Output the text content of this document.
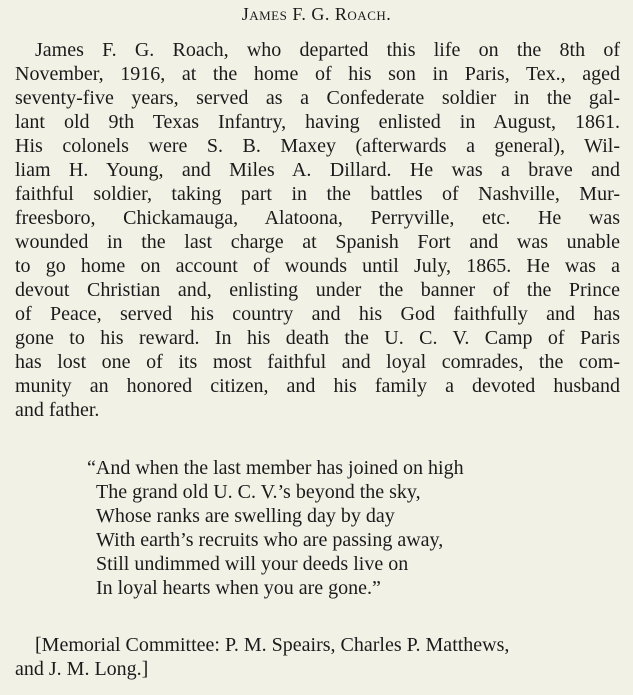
James F. G. Roach.
James F. G. Roach, who departed this life on the 8th of
November, 1916, at the home of his son in Paris, Tex., aged
seventy-five years, served as a Confederate soldier in the gal-
lant old 9th Texas Infantry, having enlisted in August, 1861.
His colonels were S. B. Maxey (afterwards a general), Wil-
liam H. Young, and Miles A. Dillard. He was a brave and
faithful soldier, taking part in the battles of Nashville, Mur-
freesboro, Chickamauga, Alatoona, Perryville, etc. He was
wounded in the last charge at Spanish Fort and was unable
to go home on account of wounds until July, 1865. He was a
devout Christian and, enlisting under the banner of the Prince
of Peace, served his country and his God faithfully and has
gone to his reward. In his death the U. C. V. Camp of Paris
has lost one of its most faithful and loyal comrades, the com-
munity an honored citizen, and his family a devoted husband
and father.
“And when the last member has joined on high
The grand old U. C. V.’s beyond the sky,
Whose ranks are swelling day by day
With earth’s recruits who are passing away,
Still undimmed will your deeds live on
In loyal hearts when you are gone.”
[Memorial Committee: P. M. Speairs, Charles P. Matthews,
and J. M. Long.]
